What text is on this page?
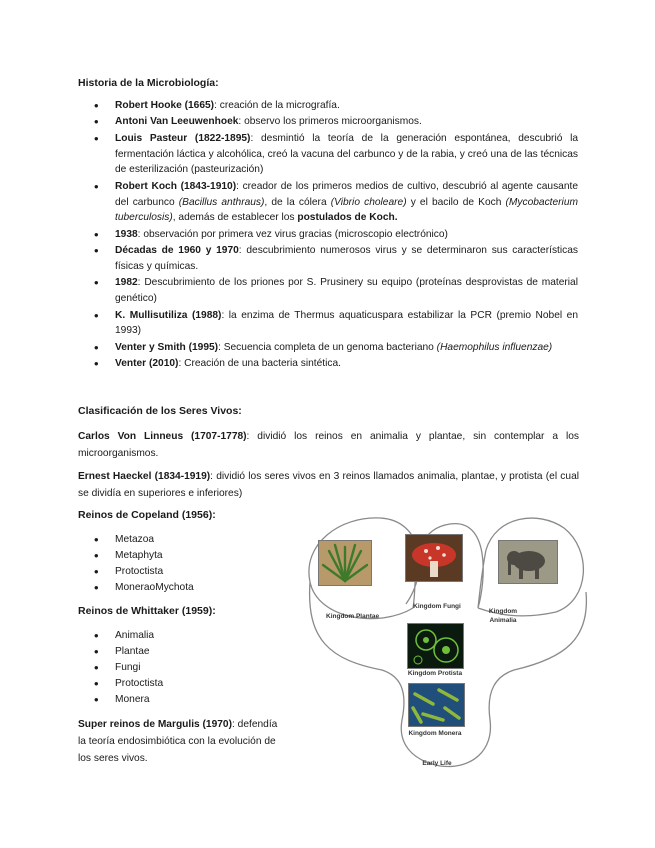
Historia de la Microbiología:
• Robert Hooke (1665): creación de la micrografía.
• Antoni Van Leeuwenhoek: observo los primeros microorganismos.
• Louis Pasteur (1822-1895): desmintió la teoría de la generación espontánea, descubrió la fermentación láctica y alcohólica, creó la vacuna del carbunco y de la rabia, y creó una de las técnicas de esterilización (pasteurización)
• Robert Koch (1843-1910): creador de los primeros medios de cultivo, descubrió al agente causante del carbunco (Bacillus anthraus), de la cólera (Vibrio choleare) y el bacilo de Koch (Mycobacterium tuberculosis), además de establecer los postulados de Koch.
• 1938: observación por primera vez virus gracias (microscopio electrónico)
• Décadas de 1960 y 1970: descubrimiento numerosos virus y se determinaron sus características físicas y químicas.
• 1982: Descubrimiento de los priones por S. Prusinery su equipo (proteínas desprovistas de material genético)
• K. Mullisutiliza (1988): la enzima de Thermus aquaticuspara estabilizar la PCR (premio Nobel en 1993)
• Venter y Smith (1995): Secuencia completa de un genoma bacteriano (Haemophilus influenzae)
• Venter (2010): Creación de una bacteria sintética.
Clasificación de los Seres Vivos:
Carlos Von Linneus (1707-1778): dividió los reinos en animalia y plantae, sin contemplar a los microorganismos.
Ernest Haeckel (1834-1919): dividió los seres vivos en 3 reinos llamados animalia, plantae, y protista (el cual se dividía en superiores e inferiores)
Reinos de Copeland (1956):
• Metazoa
• Metaphyta
• Protoctista
• MoneraoMychota
Reinos de Whittaker (1959):
• Animalia
• Plantae
• Fungi
• Protoctista
• Monera
Super reinos de Margulis (1970): defendía la teoría endosimbiótica con la evolución de los seres vivos.
Kingdom Plantae
Kingdom Fungi
Kingdom
Animalia
Kingdom Protista
Kingdom Monera
Early Life
